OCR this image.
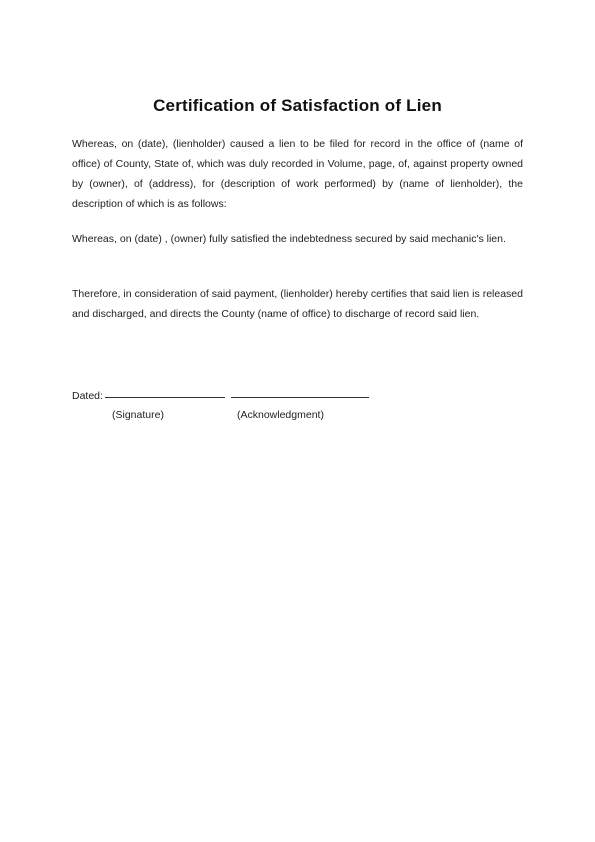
Certification of Satisfaction of Lien

Whereas, on (date), (lienholder) caused a lien to be filed for record in the office of (name of office) of County, State of, which was duly recorded in Volume, page, of, against property owned by (owner), of (address), for (description of work performed) by (name of lienholder), the description of which is as follows:

Whereas, on (date) , (owner) fully satisfied the indebtedness secured by said mechanic's lien.

Therefore, in consideration of said payment, (lienholder) hereby certifies that said lien is released and discharged, and directs the County (name of office) to discharge of record said lien.

Dated:
(Signature)	(Acknowledgment)
